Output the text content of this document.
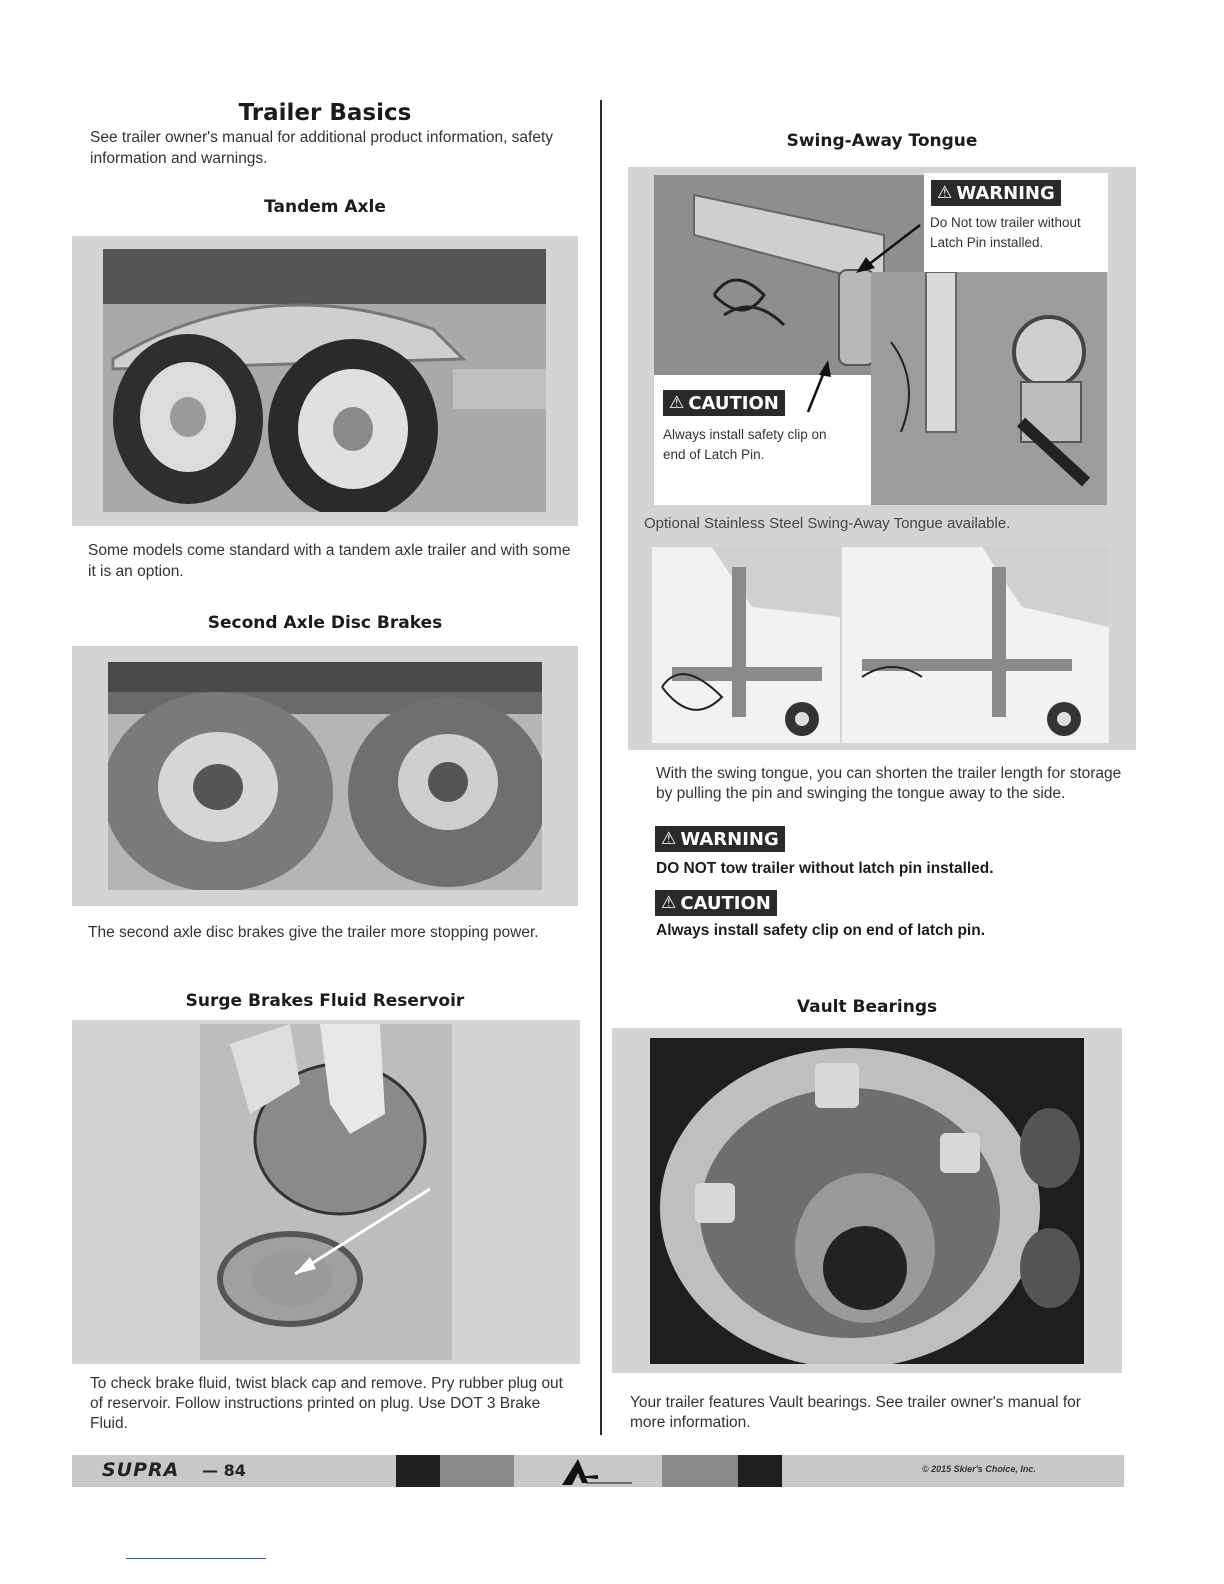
Trailer Basics
See trailer owner's manual for additional product information, safety information and warnings.
Tandem Axle
Some models come standard with a tandem axle trailer and with some it is an option.
Second Axle Disc Brakes
The second axle disc brakes give the trailer more stopping power.
Surge Brakes Fluid Reservoir
To check brake fluid, twist black cap and remove. Pry rubber plug out of reservoir. Follow instructions printed on plug. Use DOT 3 Brake Fluid.
Swing-Away Tongue
⚠ WARNING
Do Not tow trailer without Latch Pin installed.
⚠ CAUTION
Always install safety clip on end of Latch Pin.
Optional Stainless Steel Swing-Away Tongue available.
With the swing tongue, you can shorten the trailer length for storage by pulling the pin and swinging the tongue away to the side.
⚠ WARNING
DO NOT tow trailer without latch pin installed.
⚠ CAUTION
Always install safety clip on end of latch pin.
Vault Bearings
Your trailer features Vault bearings. See trailer owner's manual for more information.
SUPRA — 84	© 2015 Skier's Choice, Inc.
